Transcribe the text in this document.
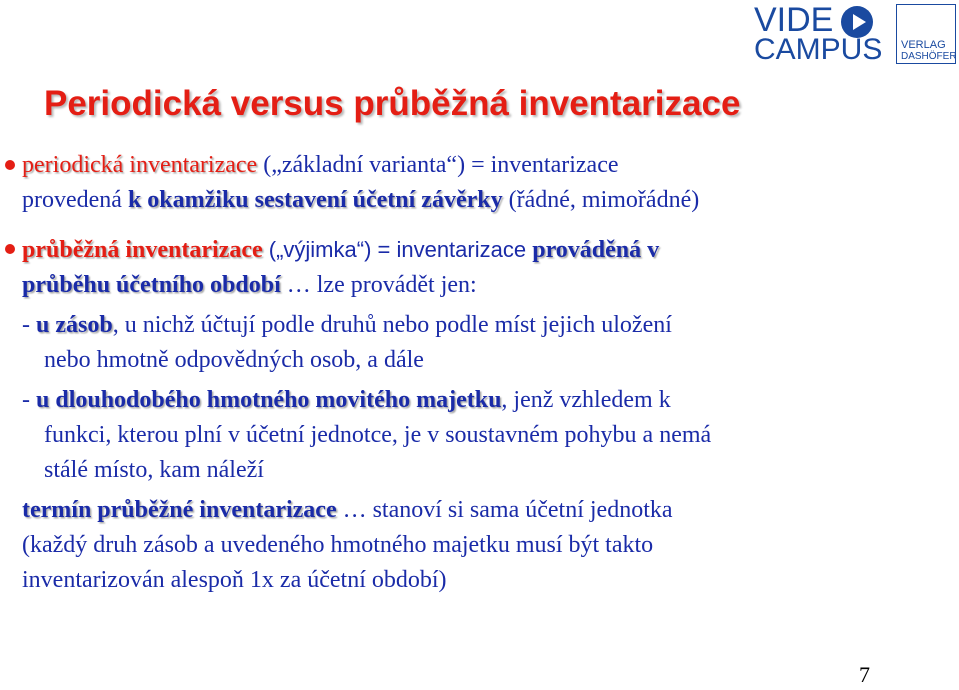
VIDE
CAMPUS VERLAG
DASHÖFER
Periodická versus průběžná inventarizace
periodická inventarizace („základní varianta“) = inventarizace
provedená k okamžiku sestavení účetní závěrky (řádné, mimořádné)
průběžná inventarizace („výjimka“) = inventarizace prováděná v
průběhu účetního období … lze provádět jen:
- u zásob, u nichž účtují podle druhů nebo podle míst jejich uložení
nebo hmotně odpovědných osob, a dále
- u dlouhodobého hmotného movitého majetku, jenž vzhledem k
funkci, kterou plní v účetní jednotce, je v soustavném pohybu a nemá
stálé místo, kam náleží
termín průběžné inventarizace … stanoví si sama účetní jednotka
(každý druh zásob a uvedeného hmotného majetku musí být takto
inventarizován alespoň 1x za účetní období)
7
